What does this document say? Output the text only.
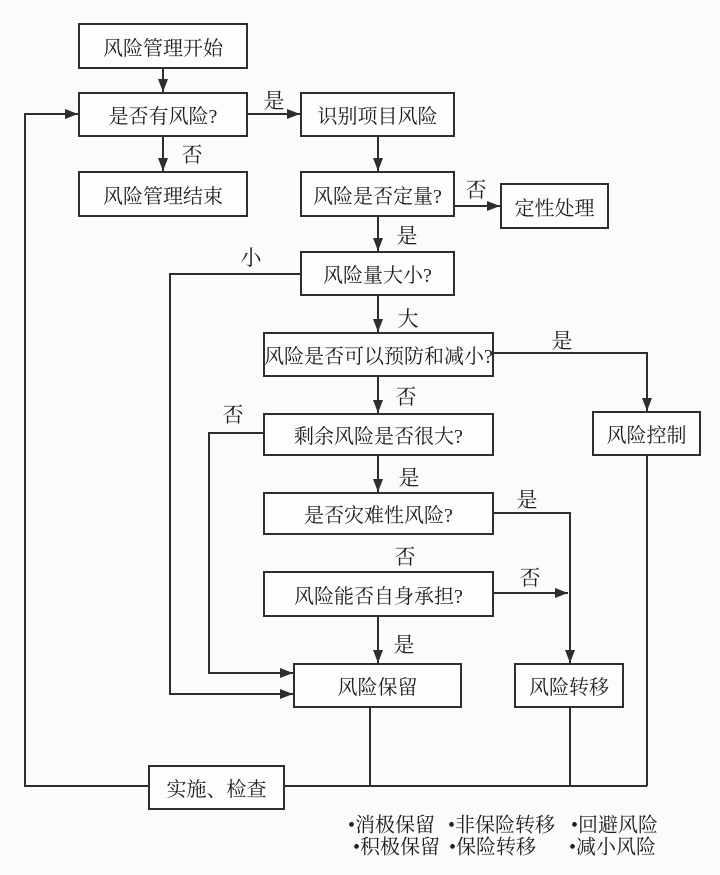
风险管理开始
是否有风险?
风险管理结束
识别项目风险
风险是否定量?
定性处理
风险量大小?
风险是否可以预防和减小?
风险控制
剩余风险是否很大?
是否灾难性风险?
风险能否自身承担?
风险保留	风险转移
实施、检查
是
否
否
是
小
大
是
否
否
是
是
否
否
是
•消极保留 •非保险转移 •回避风险
•积极保留 •保险转移 •减小风险
